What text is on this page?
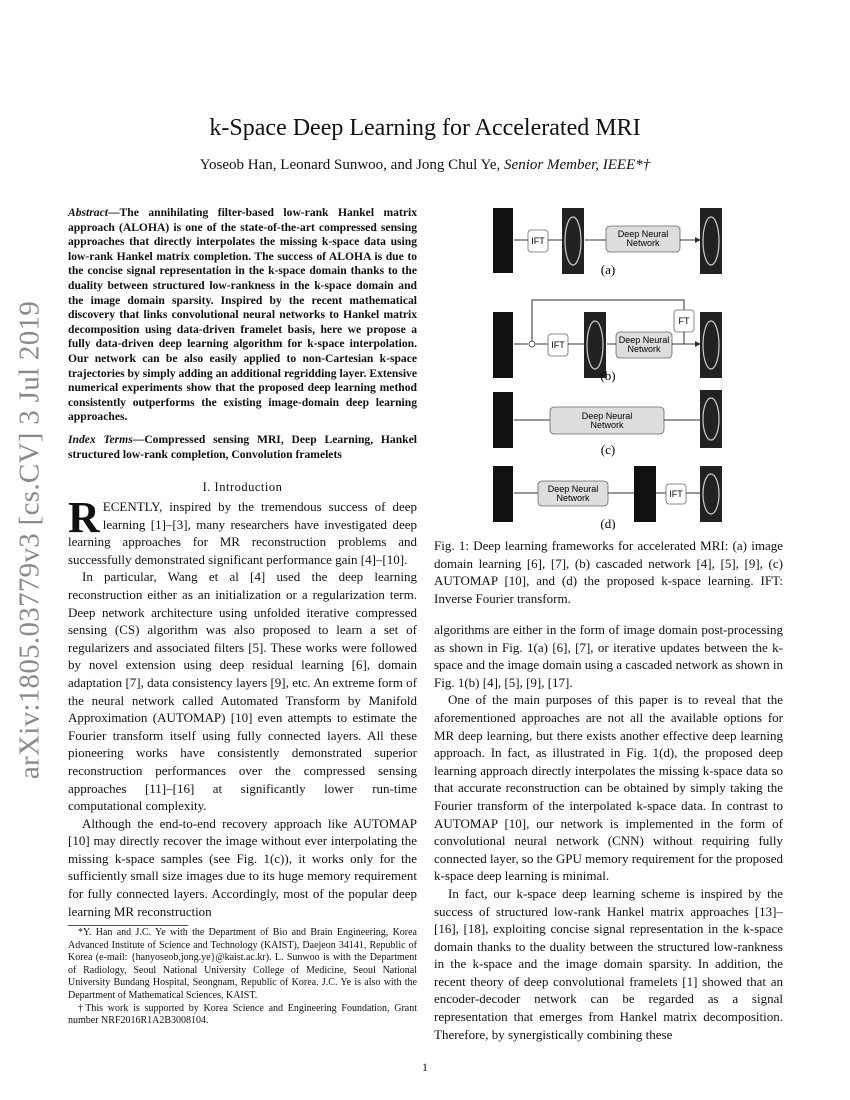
arXiv:1805.03779v3 [cs.CV] 3 Jul 2019
k-Space Deep Learning for Accelerated MRI
Yoseob Han, Leonard Sunwoo, and Jong Chul Ye, Senior Member, IEEE*†
Abstract—The annihilating filter-based low-rank Hankel matrix approach (ALOHA) is one of the state-of-the-art compressed sensing approaches that directly interpolates the missing k-space data using low-rank Hankel matrix completion. The success of ALOHA is due to the concise signal representation in the k-space domain thanks to the duality between structured low-rankness in the k-space domain and the image domain sparsity. Inspired by the recent mathematical discovery that links convolutional neural networks to Hankel matrix decomposition using data-driven framelet basis, here we propose a fully data-driven deep learning algorithm for k-space interpolation. Our network can be also easily applied to non-Cartesian k-space trajectories by simply adding an additional regridding layer. Extensive numerical experiments show that the proposed deep learning method consistently outperforms the existing image-domain deep learning approaches.
Index Terms—Compressed sensing MRI, Deep Learning, Hankel structured low-rank completion, Convolution framelets
I. Introduction

RECENTLY, inspired by the tremendous success of deep learning [1]–[3], many researchers have investigated deep learning approaches for MR reconstruction problems and successfully demonstrated significant performance gain [4]–[10].

In particular, Wang et al [4] used the deep learning reconstruction either as an initialization or a regularization term. Deep network architecture using unfolded iterative compressed sensing (CS) algorithm was also proposed to learn a set of regularizers and associated filters [5]. These works were followed by novel extension using deep residual learning [6], domain adaptation [7], data consistency layers [9], etc. An extreme form of the neural network called Automated Transform by Manifold Approximation (AUTOMAP) [10] even attempts to estimate the Fourier transform itself using fully connected layers. All these pioneering works have consistently demonstrated superior reconstruction performances over the compressed sensing approaches [11]–[16] at significantly lower run-time computational complexity.

Although the end-to-end recovery approach like AUTOMAP [10] may directly recover the image without ever interpolating the missing k-space samples (see Fig. 1(c)), it works only for the sufficiently small size images due to its huge memory requirement for fully connected layers. Accordingly, most of the popular deep learning MR reconstruction

*Y. Han and J.C. Ye with the Department of Bio and Brain Engineering, Korea Advanced Institute of Science and Technology (KAIST), Daejeon 34141, Republic of Korea (e-mail: {hanyoseob,jong.ye}@kaist.ac.kr). L. Sunwoo is with the Department of Radiology, Seoul National University College of Medicine, Seoul National University Bundang Hospital, Seongnam, Republic of Korea. J.C. Ye is also with the Department of Mathematical Sciences, KAIST.

†This work is supported by Korea Science and Engineering Foundation, Grant number NRF2016R1A2B3008104.

IFT
Deep Neural
Network
(a)
IFT	Deep Neural
Network
FT
(b)
Deep Neural
Network
(c)
Deep Neural
Network	IFT
(d)
Fig. 1: Deep learning frameworks for accelerated MRI: (a) image domain learning [6], [7], (b) cascaded network [4], [5], [9], (c) AUTOMAP [10], and (d) the proposed k-space learning. IFT: Inverse Fourier transform.

algorithms are either in the form of image domain post-processing as shown in Fig. 1(a) [6], [7], or iterative updates between the k-space and the image domain using a cascaded network as shown in Fig. 1(b) [4], [5], [9], [17].

One of the main purposes of this paper is to reveal that the aforementioned approaches are not all the available options for MR deep learning, but there exists another effective deep learning approach. In fact, as illustrated in Fig. 1(d), the proposed deep learning approach directly interpolates the missing k-space data so that accurate reconstruction can be obtained by simply taking the Fourier transform of the interpolated k-space data. In contrast to AUTOMAP [10], our network is implemented in the form of convolutional neural network (CNN) without requiring fully connected layer, so the GPU memory requirement for the proposed k-space deep learning is minimal.

In fact, our k-space deep learning scheme is inspired by the success of structured low-rank Hankel matrix approaches [13]–[16], [18], exploiting concise signal representation in the k-space domain thanks to the duality between the structured low-rankness in the k-space and the image domain sparsity. In addition, the recent theory of deep convolutional framelets [1] showed that an encoder-decoder network can be regarded as a signal representation that emerges from Hankel matrix decomposition. Therefore, by synergistically combining these

1
